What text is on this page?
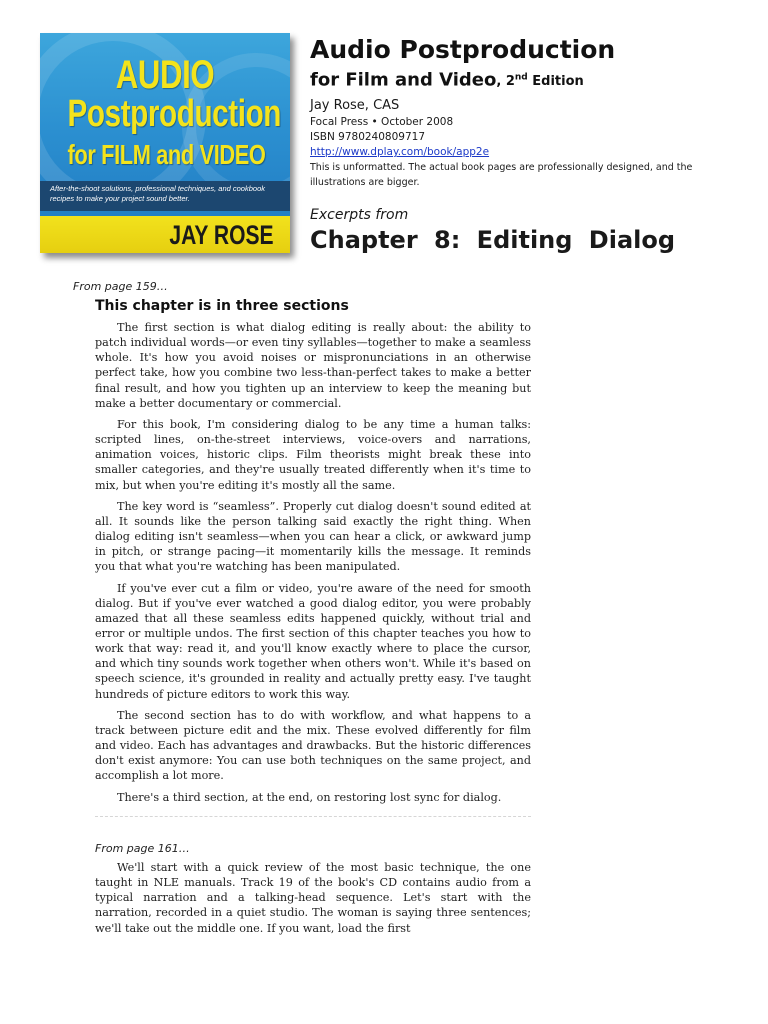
AUDIO
Postproduction
for FILM and VIDEO
After-the-shoot solutions, professional techniques, and cookbook recipes to make your project sound better.
JAY ROSE
Audio Postproduction
for Film and Video, 2nd Edition
Jay Rose, CAS
Focal Press • October 2008
ISBN 9780240809717
http://www.dplay.com/book/app2e
This is unformatted. The actual book pages are professionally designed, and the illustrations are bigger.
Excerpts from
Chapter 8: Editing Dialog
From page 159…
This chapter is in three sections

The first section is what dialog editing is really about: the ability to patch individual words—or even tiny syllables—together to make a seamless whole. It's how you avoid noises or mispronunciations in an otherwise perfect take, how you combine two less-than-perfect takes to make a better final result, and how you tighten up an interview to keep the meaning but make a better documentary or commercial.

For this book, I'm considering dialog to be any time a human talks: scripted lines, on-the-street interviews, voice-overs and narrations, animation voices, historic clips. Film theorists might break these into smaller categories, and they're usually treated differently when it's time to mix, but when you're editing it's mostly all the same.

The key word is “seamless”. Properly cut dialog doesn't sound edited at all. It sounds like the person talking said exactly the right thing. When dialog editing isn't seamless—when you can hear a click, or awkward jump in pitch, or strange pacing—it momentarily kills the message. It reminds you that what you're watching has been manipulated.

If you've ever cut a film or video, you're aware of the need for smooth dialog. But if you've ever watched a good dialog editor, you were probably amazed that all these seamless edits happened quickly, without trial and error or multiple undos. The first section of this chapter teaches you how to work that way: read it, and you'll know exactly where to place the cursor, and which tiny sounds work together when others won't. While it's based on speech science, it's grounded in reality and actually pretty easy. I've taught hundreds of picture editors to work this way.

The second section has to do with workflow, and what happens to a track between picture edit and the mix. These evolved differently for film and video. Each has advantages and drawbacks. But the historic differences don't exist anymore: You can use both techniques on the same project, and accomplish a lot more.

There's a third section, at the end, on restoring lost sync for dialog.

From page 161…

We'll start with a quick review of the most basic technique, the one taught in NLE manuals. Track 19 of the book's CD contains audio from a typical narration and a talking-head sequence. Let's start with the narration, recorded in a quiet studio. The woman is saying three sentences; we'll take out the middle one. If you want, load the first
